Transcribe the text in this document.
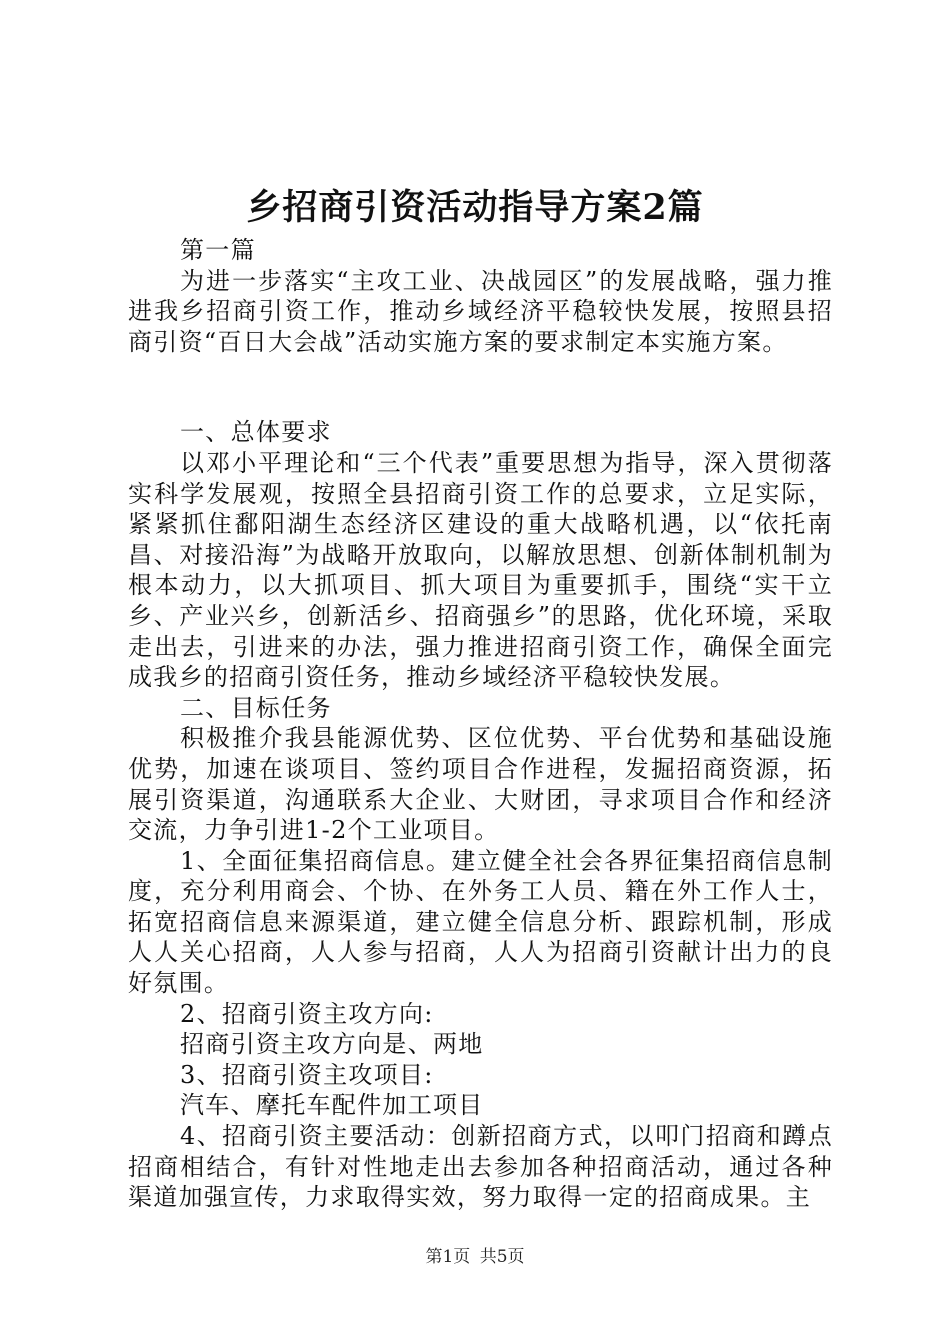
乡招商引资活动指导方案2篇

第一篇

为进一步落实“主攻工业、决战园区”的发展战略，强力推进我乡招商引资工作，推动乡域经济平稳较快发展，按照县招商引资“百日大会战”活动实施方案的要求制定本实施方案。

一、总体要求

以邓小平理论和“三个代表”重要思想为指导，深入贯彻落实科学发展观，按照全县招商引资工作的总要求，立足实际，紧紧抓住鄱阳湖生态经济区建设的重大战略机遇，以“依托南昌、对接沿海”为战略开放取向，以解放思想、创新体制机制为根本动力，以大抓项目、抓大项目为重要抓手，围绕“实干立乡、产业兴乡，创新活乡、招商强乡”的思路，优化环境，采取走出去，引进来的办法，强力推进招商引资工作，确保全面完成我乡的招商引资任务，推动乡域经济平稳较快发展。

二、目标任务

积极推介我县能源优势、区位优势、平台优势和基础设施优势，加速在谈项目、签约项目合作进程，发掘招商资源，拓展引资渠道，沟通联系大企业、大财团，寻求项目合作和经济交流，力争引进1-2个工业项目。

1、全面征集招商信息。建立健全社会各界征集招商信息制度，充分利用商会、个协、在外务工人员、籍在外工作人士，拓宽招商信息来源渠道，建立健全信息分析、跟踪机制，形成人人关心招商，人人参与招商，人人为招商引资献计出力的良好氛围。

2、招商引资主攻方向:

招商引资主攻方向是、两地

3、招商引资主攻项目:

汽车、摩托车配件加工项目

4、招商引资主要活动：创新招商方式，以叩门招商和蹲点招商相结合，有针对性地走出去参加各种招商活动，通过各种渠道加强宣传，力求取得实效，努力取得一定的招商成果。主

第1页 共5页
